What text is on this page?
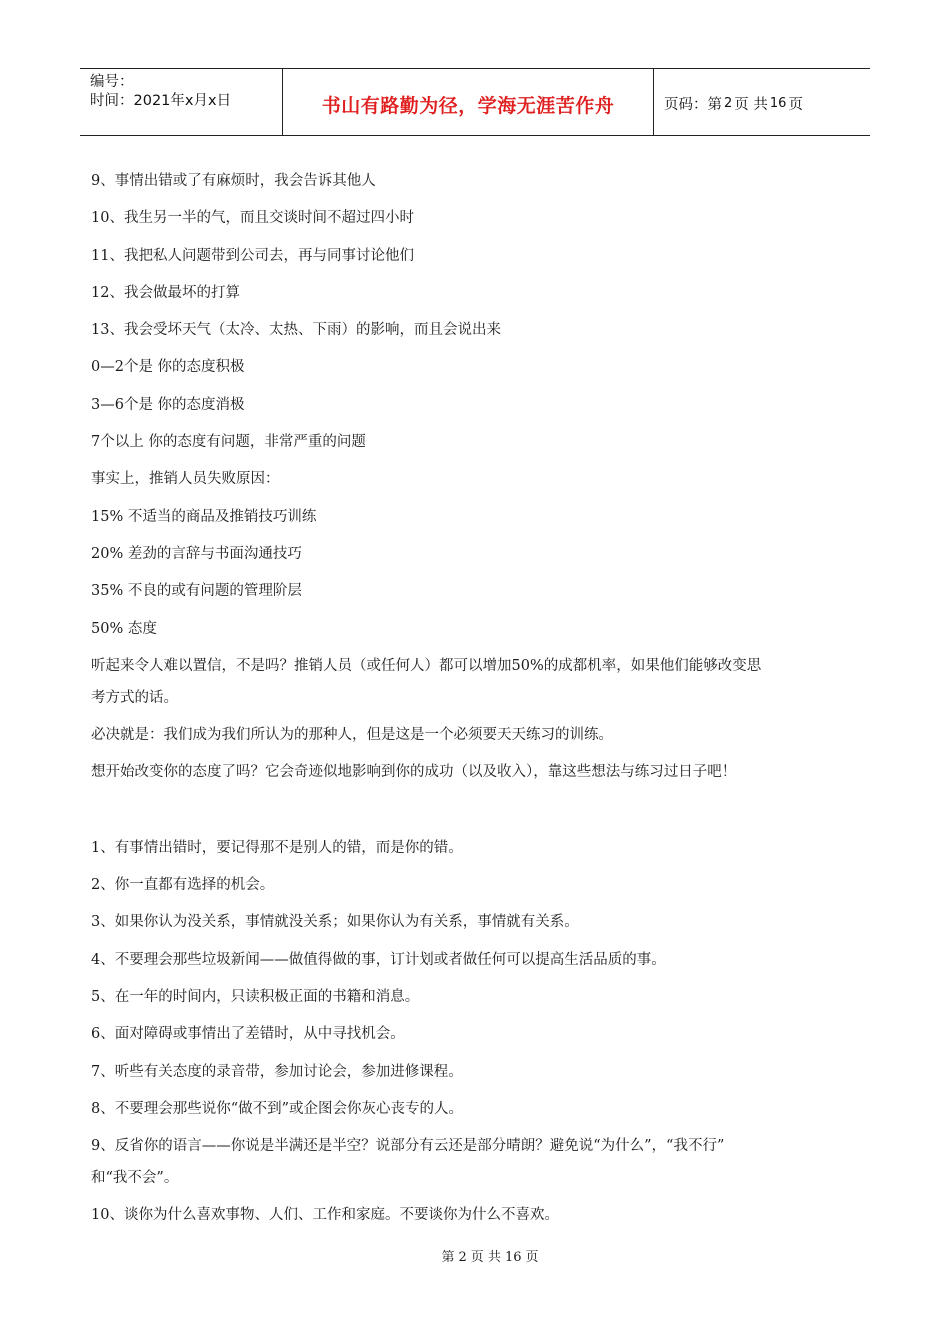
编号：
时间：2021年x月x日	书山有路勤为径，学海无涯苦作舟	页码：第 2 页 共 16 页
9、事情出错或了有麻烦时，我会告诉其他人
10、我生另一半的气，而且交谈时间不超过四小时
11、我把私人问题带到公司去，再与同事讨论他们
12、我会做最坏的打算
13、我会受坏天气（太冷、太热、下雨）的影响，而且会说出来
0—2个是 你的态度积极
3—6个是 你的态度消极
7个以上 你的态度有问题，非常严重的问题
事实上，推销人员失败原因：
15% 不适当的商品及推销技巧训练
20% 差劲的言辞与书面沟通技巧
35% 不良的或有问题的管理阶层
50% 态度
听起来令人难以置信，不是吗？推销人员（或任何人）都可以增加50%的成都机率，如果他们能够改变思
考方式的话。
必决就是：我们成为我们所认为的那种人，但是这是一个必须要天天练习的训练。
想开始改变你的态度了吗？它会奇迹似地影响到你的成功（以及收入），靠这些想法与练习过日子吧！
1、有事情出错时，要记得那不是别人的错，而是你的错。
2、你一直都有选择的机会。
3、如果你认为没关系，事情就没关系；如果你认为有关系，事情就有关系。
4、不要理会那些垃圾新闻——做值得做的事，订计划或者做任何可以提高生活品质的事。
5、在一年的时间内，只读积极正面的书籍和消息。
6、面对障碍或事情出了差错时，从中寻找机会。
7、听些有关态度的录音带，参加讨论会，参加进修课程。
8、不要理会那些说你“做不到”或企图会你灰心丧专的人。
9、反省你的语言——你说是半满还是半空？说部分有云还是部分晴朗？避免说“为什么”，“我不行”
和“我不会”。
10、谈你为什么喜欢事物、人们、工作和家庭。不要谈你为什么不喜欢。
第 2 页 共 16 页
